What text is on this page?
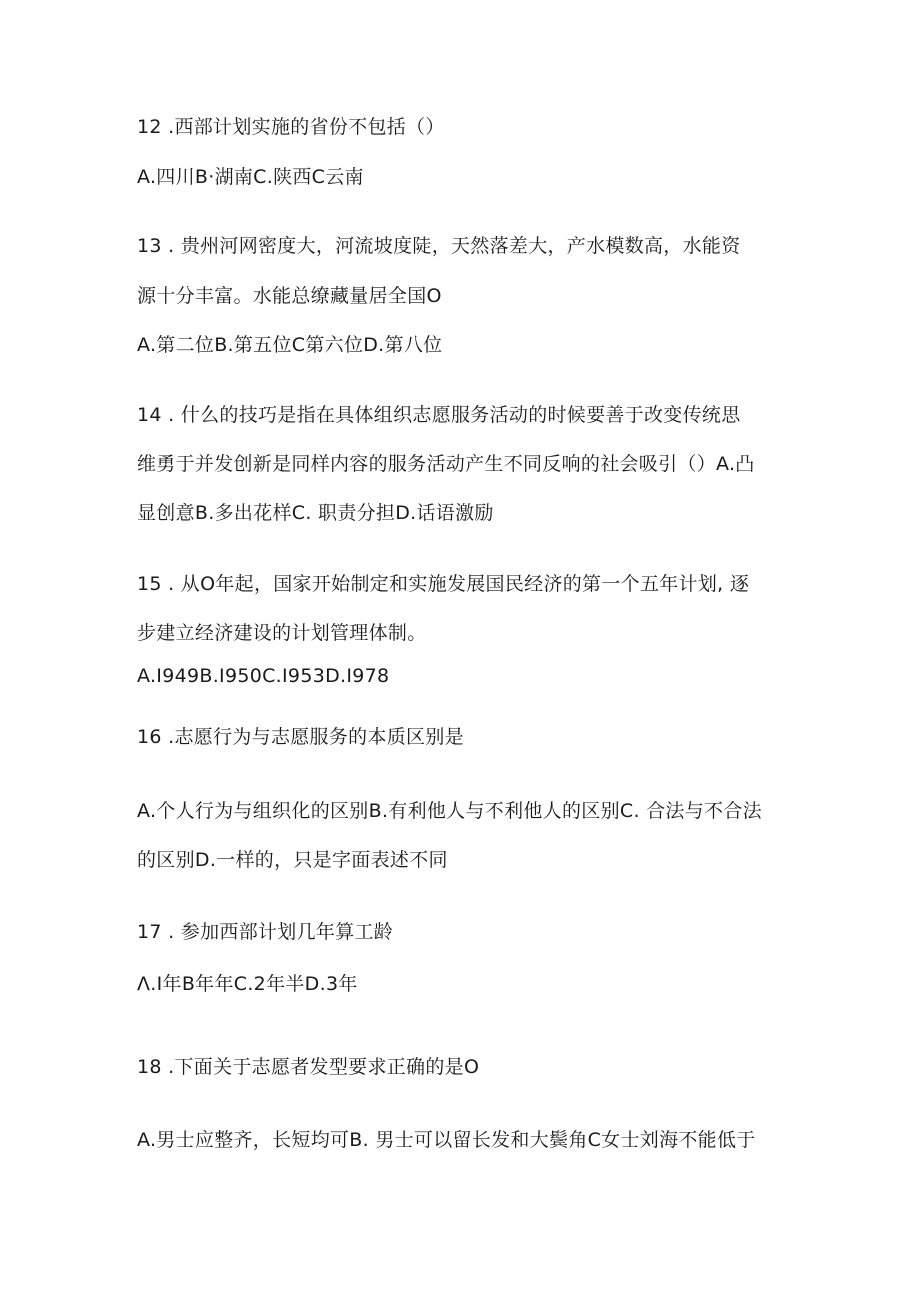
12 .西部计划实施的省份不包括（）
A.四川B·湖南C.陕西C云南
13 . 贵州河网密度大，河流坡度陡，天然落差大，产水模数高，水能资
源十分丰富。水能总缭藏量居全国O
A.第二位B.第五位C第六位D.第八位
14 . 什么的技巧是指在具体组织志愿服务活动的时候要善于改变传统思
维勇于并发创新是同样内容的服务活动产生不同反响的社会吸引（）A.凸
显创意B.多出花样C. 职责分担D.话语激励
15 . 从O年起，国家开始制定和实施发展国民经济的第一个五年计划, 逐
步建立经济建设的计划管理体制。
A.I949B.I950C.I953D.I978
16 .志愿行为与志愿服务的本质区别是
A.个人行为与组织化的区别B.有利他人与不利他人的区别C. 合法与不合法
的区别D.一样的，只是字面表述不同
17 . 参加西部计划几年算工龄
Λ.I年B年年C.2年半D.3年
18 .下面关于志愿者发型要求正确的是O
A.男士应整齐，长短均可B. 男士可以留长发和大鬓角C女士刘海不能低于
